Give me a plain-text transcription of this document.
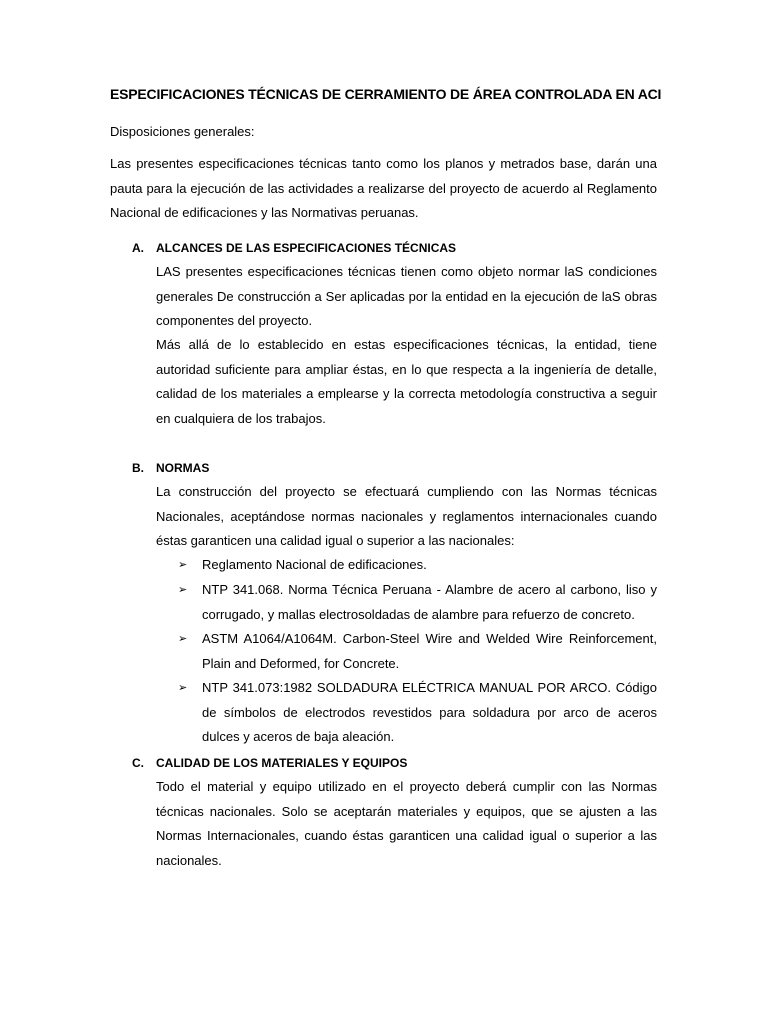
ESPECIFICACIONES TÉCNICAS DE CERRAMIENTO DE ÁREA CONTROLADA EN ACI
Disposiciones generales:
Las presentes especificaciones técnicas tanto como los planos y metrados base, darán una pauta para la ejecución de las actividades a realizarse del proyecto de acuerdo al Reglamento Nacional de edificaciones y las Normativas peruanas.
A. ALCANCES DE LAS ESPECIFICACIONES TÉCNICAS
LAS presentes especificaciones técnicas tienen como objeto normar laS condiciones generales De construcción a Ser aplicadas por la entidad en la ejecución de laS obras componentes del proyecto.
Más allá de lo establecido en estas especificaciones técnicas, la entidad, tiene autoridad suficiente para ampliar éstas, en lo que respecta a la ingeniería de detalle, calidad de los materiales a emplearse y la correcta metodología constructiva a seguir en cualquiera de los trabajos.
B. NORMAS
La construcción del proyecto se efectuará cumpliendo con las Normas técnicas Nacionales, aceptándose normas nacionales y reglamentos internacionales cuando éstas garanticen una calidad igual o superior a las nacionales:
➢ Reglamento Nacional de edificaciones.
➢ NTP 341.068. Norma Técnica Peruana - Alambre de acero al carbono, liso y corrugado, y mallas electrosoldadas de alambre para refuerzo de concreto.
➢ ASTM A1064/A1064M. Carbon-Steel Wire and Welded Wire Reinforcement, Plain and Deformed, for Concrete.
➢ NTP 341.073:1982 SOLDADURA ELÉCTRICA MANUAL POR ARCO. Código de símbolos de electrodos revestidos para soldadura por arco de aceros dulces y aceros de baja aleación.
C. CALIDAD DE LOS MATERIALES Y EQUIPOS
Todo el material y equipo utilizado en el proyecto deberá cumplir con las Normas técnicas nacionales. Solo se aceptarán materiales y equipos, que se ajusten a las Normas Internacionales, cuando éstas garanticen una calidad igual o superior a las nacionales.
